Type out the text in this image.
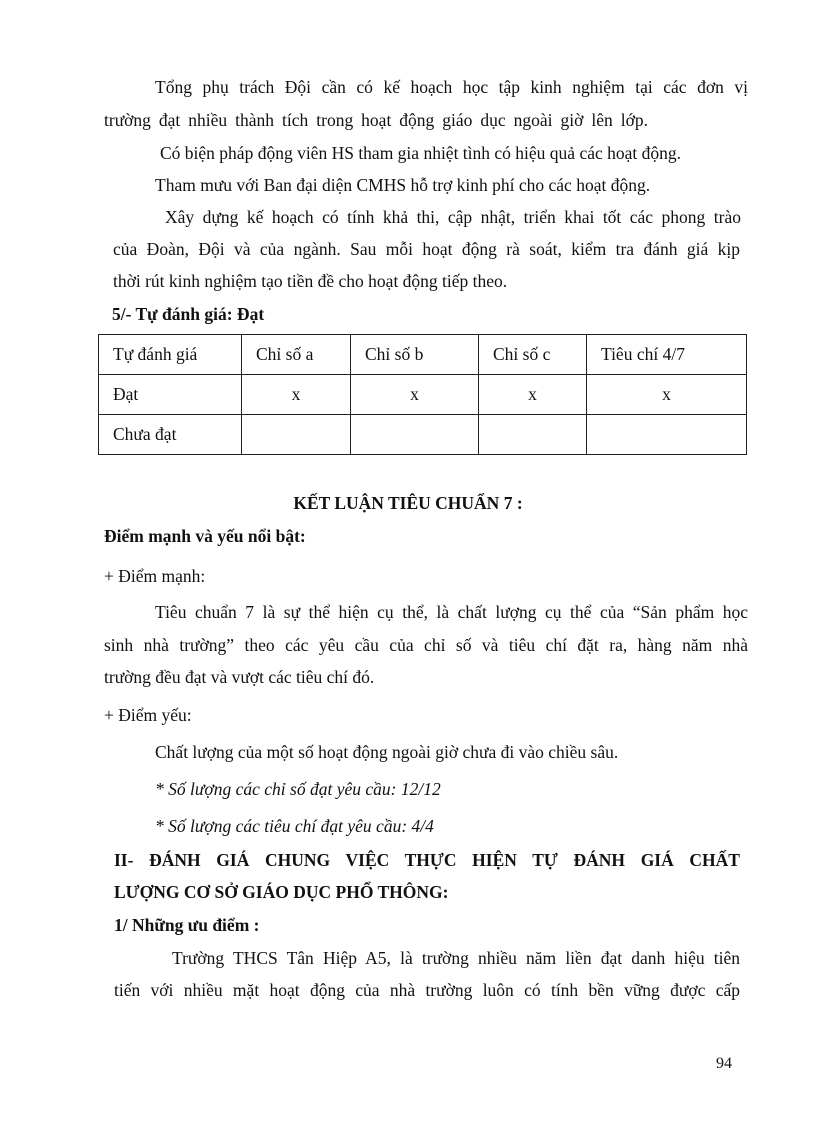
Tổng phụ trách Đội cần có kế hoạch học tập kinh nghiệm tại các đơn vị
trường đạt nhiều thành tích trong hoạt động giáo dục ngoài giờ lên lớp.
Có biện pháp động viên HS tham gia nhiệt tình có hiệu quả các hoạt động.
Tham mưu với Ban đại diện CMHS hỗ trợ kinh phí cho các hoạt động.
Xây dựng kế hoạch có tính khả thi, cập nhật, triển khai tốt các phong trào
của Đoàn, Đội và của ngành. Sau mỗi hoạt động rà soát, kiểm tra đánh giá kịp
thời rút kinh nghiệm tạo tiền đề cho hoạt động tiếp theo.
5/- Tự đánh giá: Đạt
Tự đánh giá	Chỉ số a	Chỉ số b	Chỉ số c	Tiêu chí 4/7
Đạt	x	x	x	x
Chưa đạt				
KẾT LUẬN TIÊU CHUẨN 7 :
Điểm mạnh và yếu nổi bật:
+ Điểm mạnh:
Tiêu chuẩn 7 là sự thể hiện cụ thể, là chất lượng cụ thể của “Sản phẩm học
sinh nhà trường” theo các yêu cầu của chỉ số và tiêu chí đặt ra, hàng năm nhà
trường đều đạt và vượt các tiêu chí đó.
+ Điểm yếu:
Chất lượng của một số hoạt động ngoài giờ chưa đi vào chiều sâu.
* Số lượng các chỉ số đạt yêu cầu: 12/12
* Số lượng các tiêu chí đạt yêu cầu: 4/4
II- ĐÁNH GIÁ CHUNG VIỆC THỰC HIỆN TỰ ĐÁNH GIÁ CHẤT
LƯỢNG CƠ SỞ GIÁO DỤC PHỔ THÔNG:
1/ Những ưu điểm :
Trường THCS Tân Hiệp A5, là trường nhiều năm liền đạt danh hiệu tiên
tiến với nhiều mặt hoạt động của nhà trường luôn có tính bền vững được cấp
94
